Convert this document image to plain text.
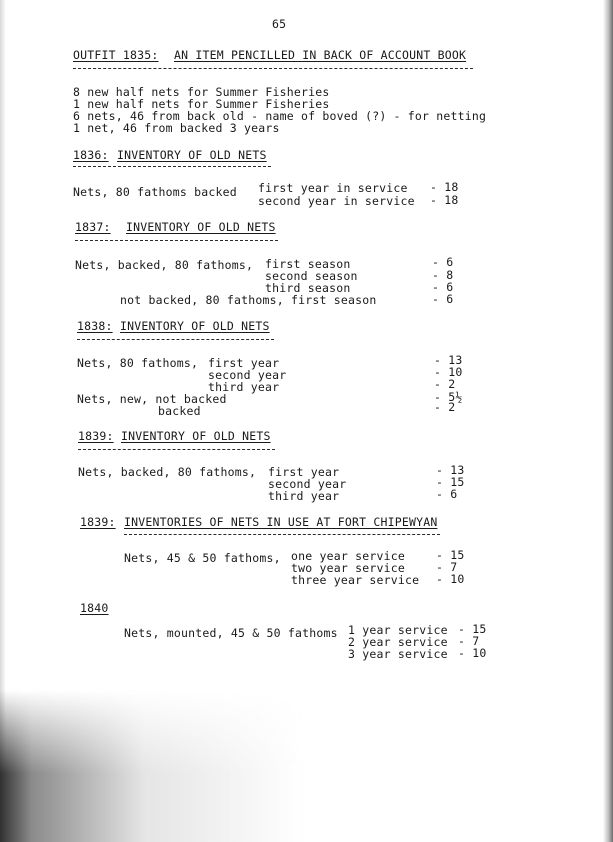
65
OUTFIT 1835: AN ITEM PENCILLED IN BACK OF ACCOUNT BOOK
8 new half nets for Summer Fisheries
1 new half nets for Summer Fisheries
6 nets, 46 from back old - name of boved (?) - for netting
1 net, 46 from backed 3 years
1836: INVENTORY OF OLD NETS
Nets, 80 fathoms backed first year in service - 18
second year in service - 18
1837: INVENTORY OF OLD NETS
Nets, backed, 80 fathoms, first season	- 6
second season	- 8
third season	- 6
not backed, 80 fathoms, first season	- 6
1838: INVENTORY OF OLD NETS
Nets, 80 fathoms, first year	- 13
second year	- 10
third year	- 2
Nets, new, not backed	- 5½
backed	- 2
1839: INVENTORY OF OLD NETS
Nets, backed, 80 fathoms, first year	- 13
second year	- 15
third year	- 6
1839: INVENTORIES OF NETS IN USE AT FORT CHIPEWYAN
Nets, 45 & 50 fathoms, one year service	- 15
two year service	- 7
three year service - 10
1840
Nets, mounted, 45 & 50 fathoms 1 year service - 15
2 year service - 7
3 year service - 10
